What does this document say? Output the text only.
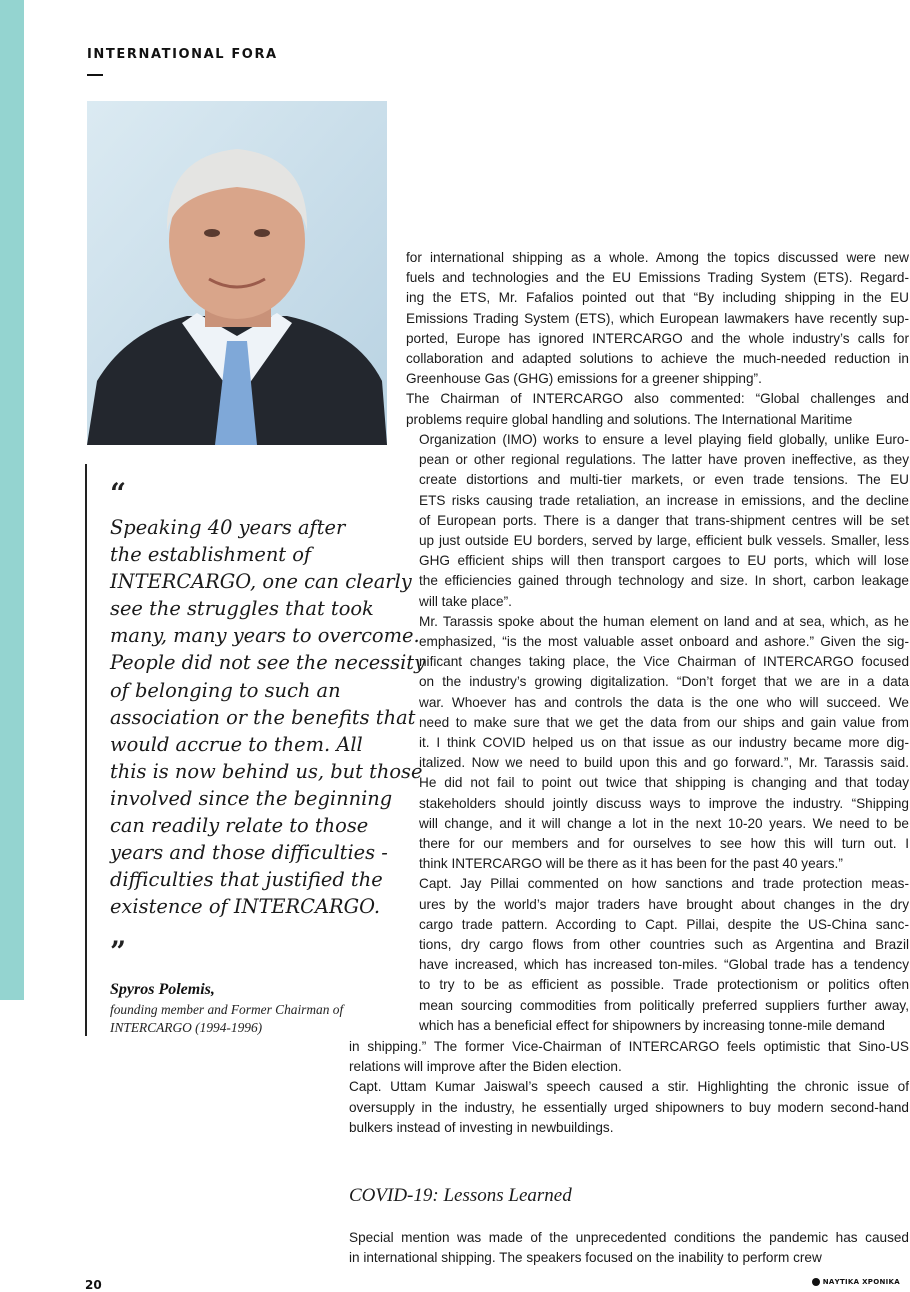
INTERNATIONAL FORA
“
Speaking 40 years after
the establishment of
INTERCARGO, one can clearly
see the struggles that took
many, many years to overcome.
People did not see the necessity
of belonging to such an
association or the benefits that
would accrue to them. All
this is now behind us, but those
involved since the beginning
can readily relate to those
years and those difficulties -
difficulties that justified the
existence of INTERCARGO.
”
Spyros Polemis,
founding member and Former Chairman of INTERCARGO (1994-1996)
for international shipping as a whole. Among the topics discussed were new
fuels and technologies and the EU Emissions Trading System (ETS). Regard-
ing the ETS, Mr. Fafalios pointed out that “By including shipping in the EU
Emissions Trading System (ETS), which European lawmakers have recently sup-
ported, Europe has ignored INTERCARGO and the whole industry’s calls for
collaboration and adapted solutions to achieve the much-needed reduction in
Greenhouse Gas (GHG) emissions for a greener shipping”.
The Chairman of INTERCARGO also commented: “Global challenges and
problems require global handling and solutions. The International Maritime
Organization (IMO) works to ensure a level playing field globally, unlike Euro-
pean or other regional regulations. The latter have proven ineffective, as they
create distortions and multi-tier markets, or even trade tensions. The EU
ETS risks causing trade retaliation, an increase in emissions, and the decline
of European ports. There is a danger that trans-shipment centres will be set
up just outside EU borders, served by large, efficient bulk vessels. Smaller, less
GHG efficient ships will then transport cargoes to EU ports, which will lose
the efficiencies gained through technology and size. In short, carbon leakage
will take place”.
Mr. Tarassis spoke about the human element on land and at sea, which, as he
emphasized, “is the most valuable asset onboard and ashore.” Given the sig-
nificant changes taking place, the Vice Chairman of INTERCARGO focused
on the industry’s growing digitalization. “Don’t forget that we are in a data
war. Whoever has and controls the data is the one who will succeed. We
need to make sure that we get the data from our ships and gain value from
it. I think COVID helped us on that issue as our industry became more dig-
italized. Now we need to build upon this and go forward.”, Mr. Tarassis said.
He did not fail to point out twice that shipping is changing and that today
stakeholders should jointly discuss ways to improve the industry. “Shipping
will change, and it will change a lot in the next 10-20 years. We need to be
there for our members and for ourselves to see how this will turn out. I
think INTERCARGO will be there as it has been for the past 40 years.”
Capt. Jay Pillai commented on how sanctions and trade protection meas-
ures by the world’s major traders have brought about changes in the dry
cargo trade pattern. According to Capt. Pillai, despite the US-China sanc-
tions, dry cargo flows from other countries such as Argentina and Brazil
have increased, which has increased ton-miles. “Global trade has a tendency
to try to be as efficient as possible. Trade protectionism or politics often
mean sourcing commodities from politically preferred suppliers further away,
which has a beneficial effect for shipowners by increasing tonne-mile demand
in shipping.” The former Vice-Chairman of INTERCARGO feels optimistic that Sino-US
relations will improve after the Biden election.
Capt. Uttam Kumar Jaiswal’s speech caused a stir. Highlighting the chronic issue of
oversupply in the industry, he essentially urged shipowners to buy modern second-hand
bulkers instead of investing in newbuildings.
COVID-19: Lessons Learned
Special mention was made of the unprecedented conditions the pandemic has caused
in international shipping. The speakers focused on the inability to perform crew
20	ΝΑΥΤΙΚΑ ΧΡΟΝΙΚΑ
